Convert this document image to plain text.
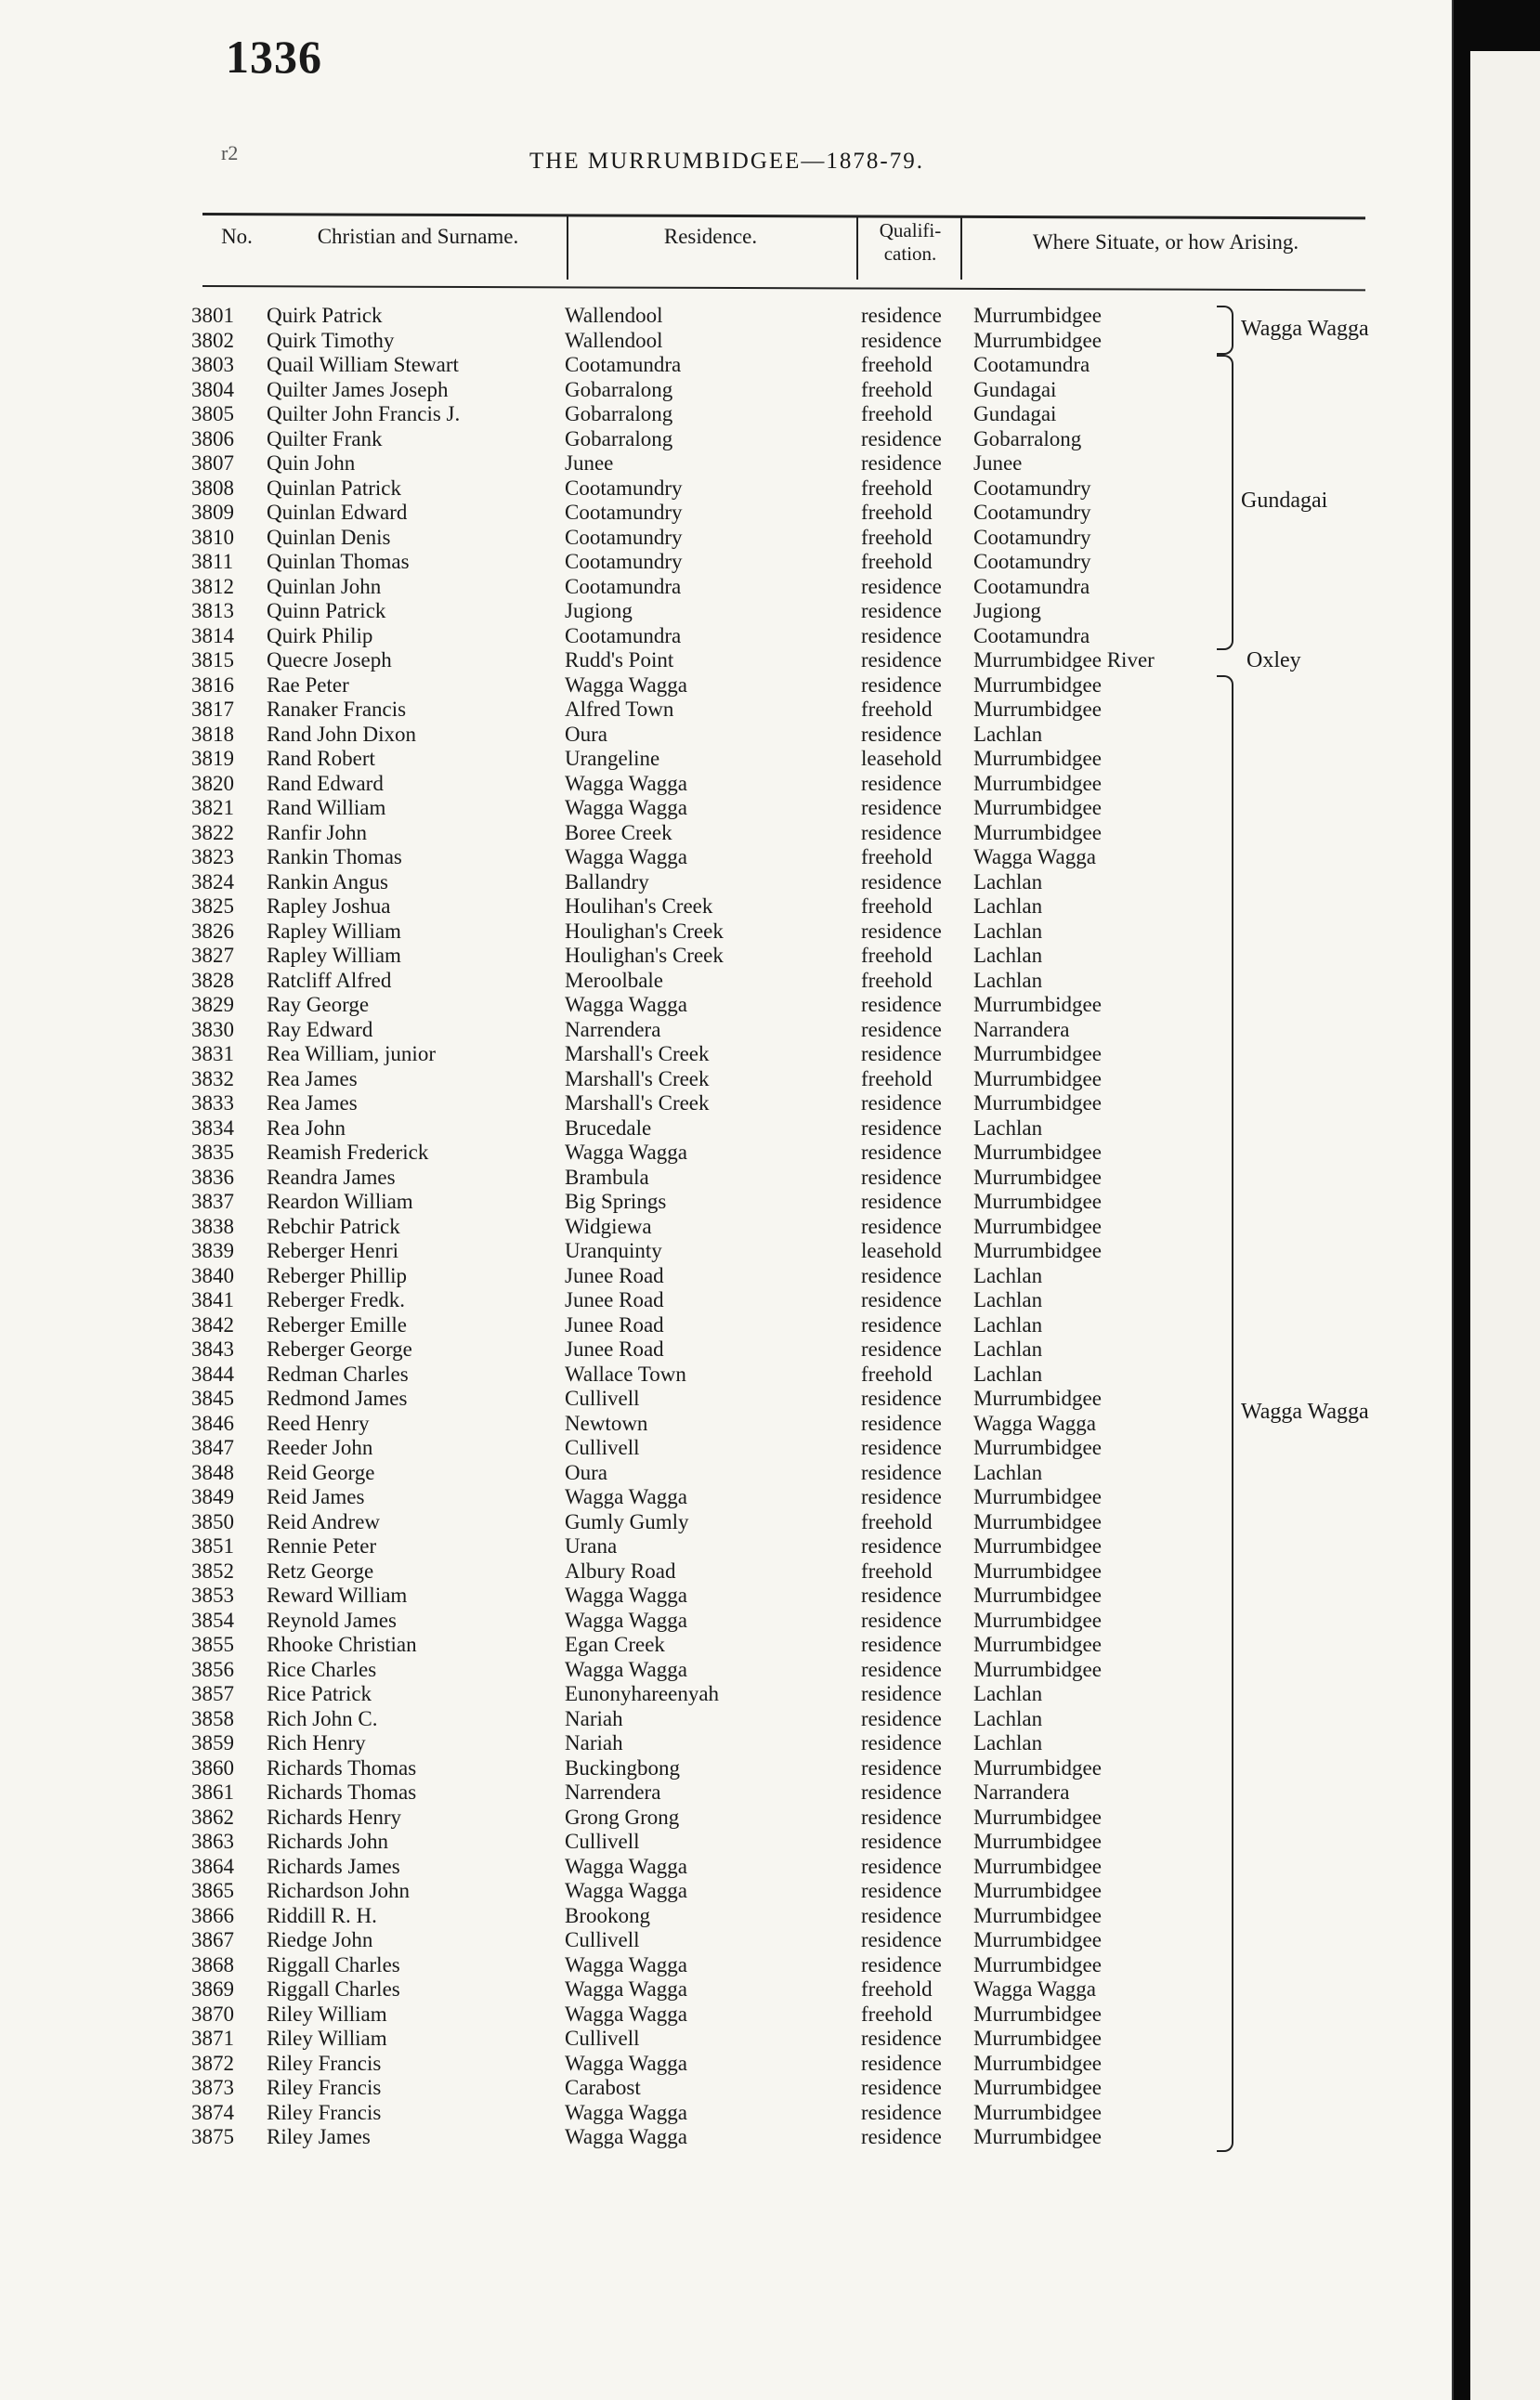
1336
r2	THE MURRUMBIDGEE—1878-79.
No.	Christian and Surname.	Residence.	Qualifi-cation.	Where Situate, or how Arising.
3801 Quirk Patrick	Wallendool	residence Murrumbidgee
3802 Quirk Timothy	Wallendool	residence Murrumbidgee
3803 Quail William Stewart	Cootamundra	freehold Cootamundra
3804 Quilter James Joseph	Gobarralong	freehold Gundagai
3805 Quilter John Francis J.	Gobarralong	freehold Gundagai
3806 Quilter Frank	Gobarralong	residence Gobarralong
3807 Quin John	Junee	residence Junee
3808 Quinlan Patrick	Cootamundry	freehold Cootamundry
3809 Quinlan Edward	Cootamundry	freehold Cootamundry
3810 Quinlan Denis	Cootamundry	freehold Cootamundry
3811 Quinlan Thomas	Cootamundry	freehold Cootamundry
3812 Quinlan John	Cootamundra	residence Cootamundra
3813 Quinn Patrick	Jugiong	residence Jugiong
3814 Quirk Philip	Cootamundra	residence Cootamundra
3815 Quecre Joseph	Rudd's Point	residence Murrumbidgee River
3816 Rae Peter	Wagga Wagga	residence Murrumbidgee
3817 Ranaker Francis	Alfred Town	freehold Murrumbidgee
3818 Rand John Dixon	Oura	residence Lachlan
3819 Rand Robert	Urangeline	leasehold Murrumbidgee
3820 Rand Edward	Wagga Wagga	residence Murrumbidgee
3821 Rand William	Wagga Wagga	residence Murrumbidgee
3822 Ranfir John	Boree Creek	residence Murrumbidgee
3823 Rankin Thomas	Wagga Wagga	freehold Wagga Wagga
3824 Rankin Angus	Ballandry	residence Lachlan
3825 Rapley Joshua	Houlihan's Creek	freehold Lachlan
3826 Rapley William	Houlighan's Creek	residence Lachlan
3827 Rapley William	Houlighan's Creek	freehold Lachlan
3828 Ratcliff Alfred	Meroolbale	freehold Lachlan
3829 Ray George	Wagga Wagga	residence Murrumbidgee
3830 Ray Edward	Narrendera	residence Narrandera
3831 Rea William, junior	Marshall's Creek	residence Murrumbidgee
3832 Rea James	Marshall's Creek	freehold Murrumbidgee
3833 Rea James	Marshall's Creek	residence Murrumbidgee
3834 Rea John	Brucedale	residence Lachlan
3835 Reamish Frederick	Wagga Wagga	residence Murrumbidgee
3836 Reandra James	Brambula	residence Murrumbidgee
3837 Reardon William	Big Springs	residence Murrumbidgee
3838 Rebchir Patrick	Widgiewa	residence Murrumbidgee
3839 Reberger Henri	Uranquinty	leasehold Murrumbidgee
3840 Reberger Phillip	Junee Road	residence Lachlan
3841 Reberger Fredk.	Junee Road	residence Lachlan
3842 Reberger Emille	Junee Road	residence Lachlan
3843 Reberger George	Junee Road	residence Lachlan
3844 Redman Charles	Wallace Town	freehold Lachlan
3845 Redmond James	Cullivell	residence Murrumbidgee
3846 Reed Henry	Newtown	residence Wagga Wagga
3847 Reeder John	Cullivell	residence Murrumbidgee
3848 Reid George	Oura	residence Lachlan
3849 Reid James	Wagga Wagga	residence Murrumbidgee
3850 Reid Andrew	Gumly Gumly	freehold Murrumbidgee
3851 Rennie Peter	Urana	residence Murrumbidgee
3852 Retz George	Albury Road	freehold Murrumbidgee
3853 Reward William	Wagga Wagga	residence Murrumbidgee
3854 Reynold James	Wagga Wagga	residence Murrumbidgee
3855 Rhooke Christian	Egan Creek	residence Murrumbidgee
3856 Rice Charles	Wagga Wagga	residence Murrumbidgee
3857 Rice Patrick	Eunonyhareenyah	residence Lachlan
3858 Rich John C.	Nariah	residence Lachlan
3859 Rich Henry	Nariah	residence Lachlan
3860 Richards Thomas	Buckingbong	residence Murrumbidgee
3861 Richards Thomas	Narrendera	residence Narrandera
3862 Richards Henry	Grong Grong	residence Murrumbidgee
3863 Richards John	Cullivell	residence Murrumbidgee
3864 Richards James	Wagga Wagga	residence Murrumbidgee
3865 Richardson John	Wagga Wagga	residence Murrumbidgee
3866 Riddill R. H.	Brookong	residence Murrumbidgee
3867 Riedge John	Cullivell	residence Murrumbidgee
3868 Riggall Charles	Wagga Wagga	residence Murrumbidgee
3869 Riggall Charles	Wagga Wagga	freehold Wagga Wagga
3870 Riley William	Wagga Wagga	freehold Murrumbidgee
3871 Riley William	Cullivell	residence Murrumbidgee
3872 Riley Francis	Wagga Wagga	residence Murrumbidgee
3873 Riley Francis	Carabost	residence Murrumbidgee
3874 Riley Francis	Wagga Wagga	residence Murrumbidgee
3875 Riley James	Wagga Wagga	residence Murrumbidgee
Wagga Wagga
Gundagai
Oxley
Wagga Wagga
